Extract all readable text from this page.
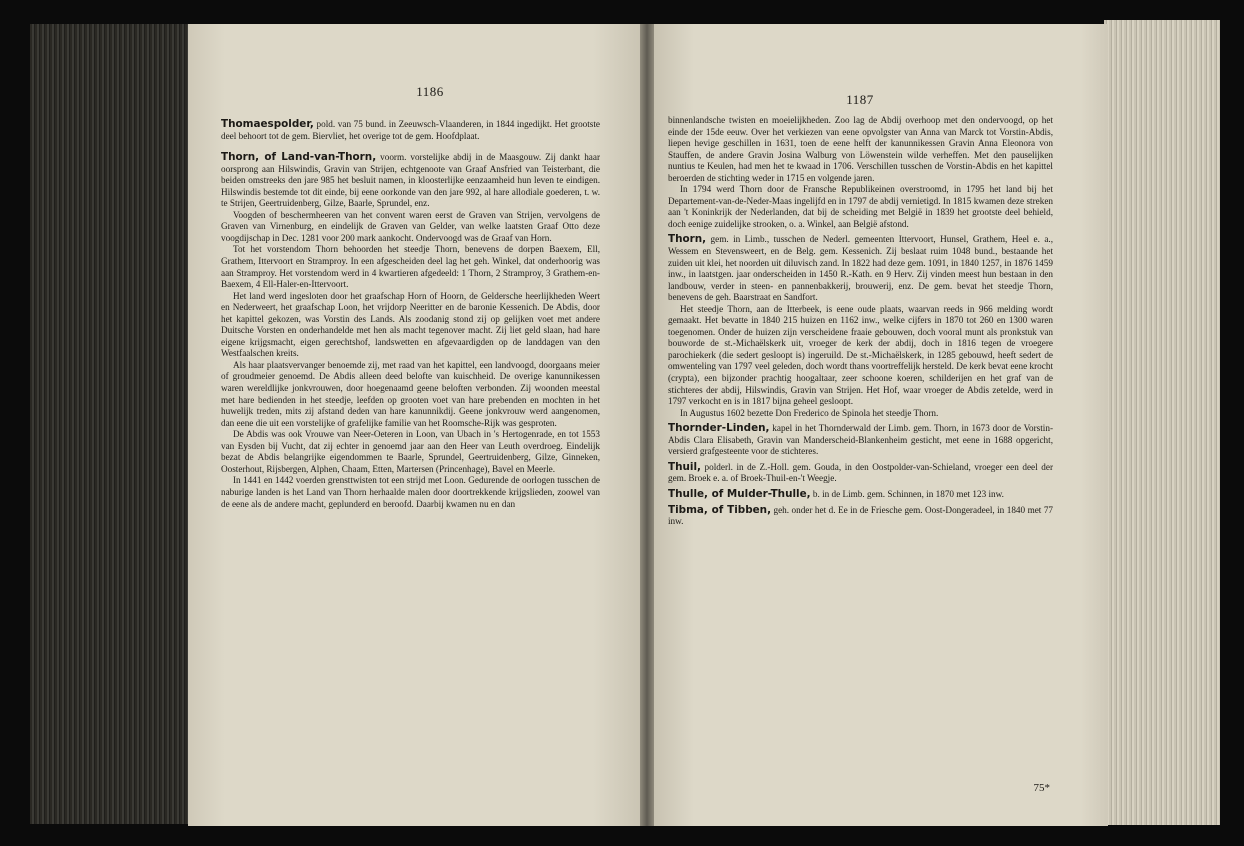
1186
1187

Thomaespolder, pold. van 75 bund. in Zeeuwsch-Vlaanderen, in 1844 ingedijkt. Het grootste deel behoort tot de gem. Biervliet, het overige tot de gem. Hoofdplaat.

Thorn, of Land-van-Thorn, voorm. vorstelijke abdij in de Maasgouw. Zij dankt haar oorsprong aan Hilswindis, Gravin van Strijen, echtgenoote van Graaf Ansfried van Teisterbant, die beiden omstreeks den jare 985 het besluit namen, in kloosterlijke eenzaamheid hun leven te eindigen. Hilswindis bestemde tot dit einde, bij eene oorkonde van den jare 992, al hare allodiale goederen, t. w. te Strijen, Geertruidenberg, Gilze, Baarle, Sprundel, enz.

Voogden of beschermheeren van het convent waren eerst de Graven van Strijen, vervolgens de Graven van Virnenburg, en eindelijk de Graven van Gelder, van welke laatsten Graaf Otto deze voogdijschap in Dec. 1281 voor 200 mark aankocht. Ondervoogd was de Graaf van Horn.

Tot het vorstendom Thorn behoorden het steedje Thorn, benevens de dorpen Baexem, Ell, Grathem, Ittervoort en Stramproy. In een afgescheiden deel lag het geh. Winkel, dat onderhoorig was aan Stramproy. Het vorstendom werd in 4 kwartieren afgedeeld: 1 Thorn, 2 Stramproy, 3 Grathem-en-Baexem, 4 Ell-Haler-en-Ittervoort.

Het land werd ingesloten door het graafschap Horn of Hoorn, de Geldersche heerlijkheden Weert en Nederweert, het graafschap Loon, het vrijdorp Neeritter en de baronie Kessenich. De Abdis, door het kapittel gekozen, was Vorstin des Lands. Als zoodanig stond zij op gelijken voet met andere Duitsche Vorsten en onderhandelde met hen als macht tegenover macht. Zij liet geld slaan, had hare eigene krijgsmacht, eigen gerechtshof, landswetten en afgevaardigden op de landdagen van den Westfaalschen kreits.

Als haar plaatsvervanger benoemde zij, met raad van het kapittel, een landvoogd, doorgaans meier of groudmeier genoemd. De Abdis alleen deed belofte van kuischheid. De overige kanunnikessen waren wereldlijke jonkvrouwen, door hoegenaamd geene beloften verbonden. Zij woonden meestal met hare bedienden in het steedje, leefden op grooten voet van hare prebenden en mochten in het huwelijk treden, mits zij afstand deden van hare kanunnikdij. Geene jonkvrouw werd aangenomen, dan eene die uit een vorstelijke of grafelijke familie van het Roomsche-Rijk was gesproten.

De Abdis was ook Vrouwe van Neer-Oeteren in Loon, van Ubach in 's Hertogenrade, en tot 1553 van Eysden bij Vucht, dat zij echter in genoemd jaar aan den Heer van Leuth overdroeg. Eindelijk bezat de Abdis belangrijke eigendommen te Baarle, Sprundel, Geertruidenberg, Gilze, Ginneken, Oosterhout, Rijsbergen, Alphen, Chaam, Etten, Martersen (Princenhage), Bavel en Meerle.

In 1441 en 1442 voerden grensttwisten tot een strijd met Loon. Gedurende de oorlogen tusschen de naburige landen is het Land van Thorn herhaalde malen door doortrekkende krijgslieden, zoowel van de eene als de andere macht, geplunderd en beroofd. Daarbij kwamen nu en dan

binnenlandsche twisten en moeielijkheden. Zoo lag de Abdij overhoop met den ondervoogd, op het einde der 15de eeuw. Over het verkiezen van eene opvolgster van Anna van Marck tot Vorstin-Abdis, liepen hevige geschillen in 1631, toen de eene helft der kanunnikessen Gravin Anna Eleonora von Stauffen, de andere Gravin Josina Walburg von Löwenstein wilde verheffen. Met den pauselijken nuntius te Keulen, had men het te kwaad in 1706. Verschillen tusschen de Vorstin-Abdis en het kapittel beroerden de stichting weder in 1715 en volgende jaren.

In 1794 werd Thorn door de Fransche Republikeinen overstroomd, in 1795 het land bij het Departement-van-de-Neder-Maas ingelijfd en in 1797 de abdij vernietigd. In 1815 kwamen deze streken aan 't Koninkrijk der Nederlanden, dat bij de scheiding met België in 1839 het grootste deel behield, doch eenige zuidelijke strooken, o. a. Winkel, aan België afstond.

Thorn, gem. in Limb., tusschen de Nederl. gemeenten Ittervoort, Hunsel, Grathem, Heel e. a., Wessem en Stevensweert, en de Belg. gem. Kessenich. Zij beslaat ruim 1048 bund., bestaande het zuiden uit klei, het noorden uit diluvisch zand. In 1822 had deze gem. 1091, in 1840 1257, in 1876 1459 inw., in laatstgen. jaar onderscheiden in 1450 R.-Kath. en 9 Herv. Zij vinden meest hun bestaan in den landbouw, verder in steen- en pannenbakkerij, brouwerij, enz. De gem. bevat het steedje Thorn, benevens de geh. Baarstraat en Sandfort.

Het steedje Thorn, aan de Itterbeek, is eene oude plaats, waarvan reeds in 966 melding wordt gemaakt. Het bevatte in 1840 215 huizen en 1162 inw., welke cijfers in 1870 tot 260 en 1300 waren toegenomen. Onder de huizen zijn verscheidene fraaie gebouwen, doch vooral munt als pronkstuk van bouworde de st.-Michaëlskerk uit, vroeger de kerk der abdij, doch in 1816 tegen de vroegere parochiekerk (die sedert gesloopt is) ingeruild. De st.-Michaëlskerk, in 1285 gebouwd, heeft sedert de omwenteling van 1797 veel geleden, doch wordt thans voortreffelijk hersteld. De kerk bevat eene krocht (crypta), een bijzonder prachtig hoogaltaar, zeer schoone koeren, schilderijen en het graf van de stichteres der abdij, Hilswindis, Gravin van Strijen. Het Hof, waar vroeger de Abdis zetelde, werd in 1797 verkocht en is in 1817 bijna geheel gesloopt.

In Augustus 1602 bezette Don Frederico de Spinola het steedje Thorn.

Thornder-Linden, kapel in het Thornderwald der Limb. gem. Thorn, in 1673 door de Vorstin-Abdis Clara Elisabeth, Gravin van Manderscheid-Blankenheim gesticht, met eene in 1688 opgericht, versierd grafgesteente voor de stichteres.

Thuil, polderl. in de Z.-Holl. gem. Gouda, in den Oostpolder-van-Schieland, vroeger een deel der gem. Broek e. a. of Broek-Thuil-en-'t Weegje.

Thulle, of Mulder-Thulle, b. in de Limb. gem. Schinnen, in 1870 met 123 inw.

Tibma, of Tibben, geh. onder het d. Ee in de Friesche gem. Oost-Dongeradeel, in 1840 met 77 inw.

75*
